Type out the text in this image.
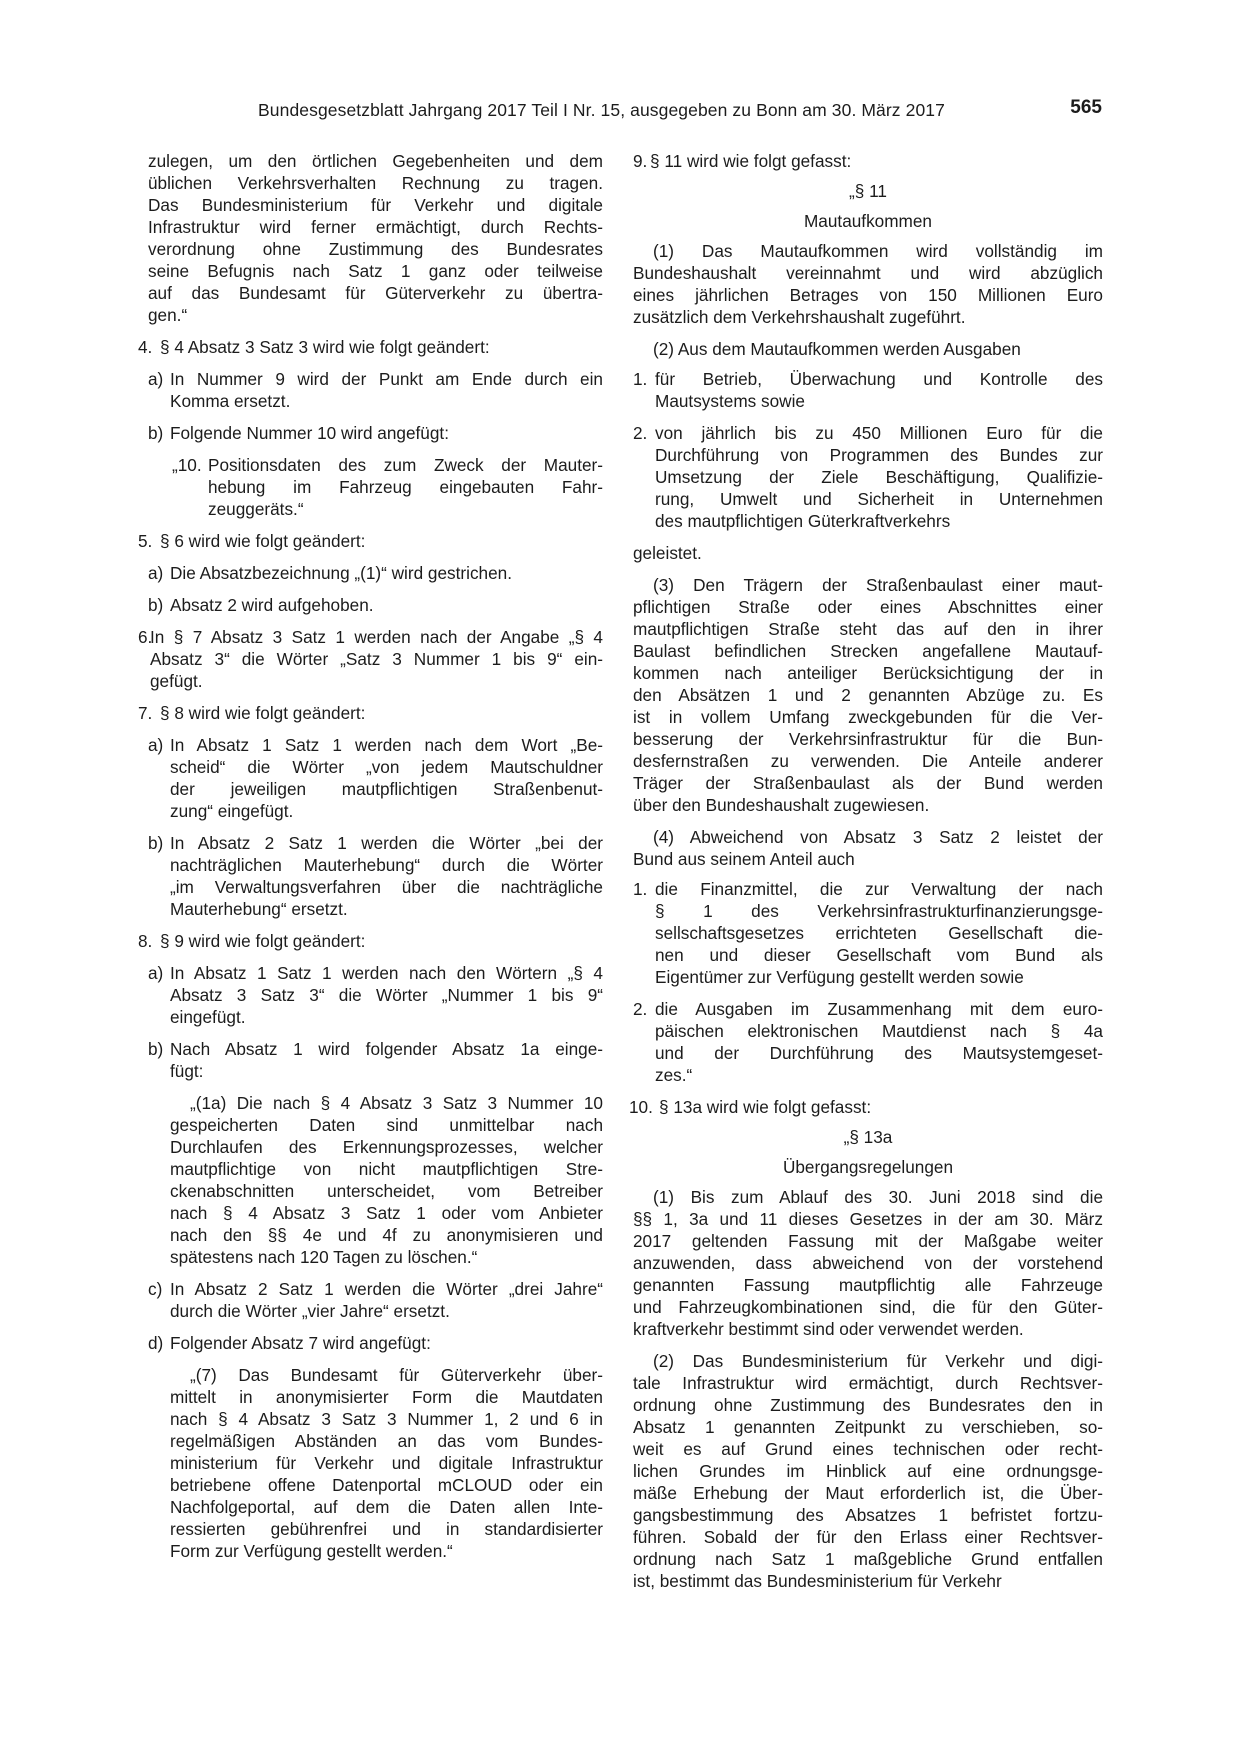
Bundesgesetzblatt Jahrgang 2017 Teil I Nr. 15, ausgegeben zu Bonn am 30. März 2017	565
zulegen, um den örtlichen Gegebenheiten und dem
üblichen Verkehrsverhalten Rechnung zu tragen.
Das Bundesministerium für Verkehr und digitale
Infrastruktur wird ferner ermächtigt, durch Rechts-
verordnung ohne Zustimmung des Bundesrates
seine Befugnis nach Satz 1 ganz oder teilweise
auf das Bundesamt für Güterverkehr zu übertra-
gen.“
4. § 4 Absatz 3 Satz 3 wird wie folgt geändert:
a) In Nummer 9 wird der Punkt am Ende durch ein
Komma ersetzt.
b) Folgende Nummer 10 wird angefügt:
„10. Positionsdaten des zum Zweck der Mauter-
hebung im Fahrzeug eingebauten Fahr-
zeuggeräts.“
5. § 6 wird wie folgt geändert:
a) Die Absatzbezeichnung „(1)“ wird gestrichen.
b) Absatz 2 wird aufgehoben.
6.
In § 7 Absatz 3 Satz 1 werden nach der Angabe „§ 4
Absatz 3“ die Wörter „Satz 3 Nummer 1 bis 9“ ein-
gefügt.
7. § 8 wird wie folgt geändert:
a) In Absatz 1 Satz 1 werden nach dem Wort „Be-
scheid“ die Wörter „von jedem Mautschuldner
der jeweiligen mautpflichtigen Straßenbenut-
zung“ eingefügt.
b) In Absatz 2 Satz 1 werden die Wörter „bei der
nachträglichen Mauterhebung“ durch die Wörter
„im Verwaltungsverfahren über die nachträgliche
Mauterhebung“ ersetzt.
8. § 9 wird wie folgt geändert:
a) In Absatz 1 Satz 1 werden nach den Wörtern „§ 4
Absatz 3 Satz 3“ die Wörter „Nummer 1 bis 9“
eingefügt.
b) Nach Absatz 1 wird folgender Absatz 1a einge-
fügt:
„(1a) Die nach § 4 Absatz 3 Satz 3 Nummer 10
gespeicherten Daten sind unmittelbar nach
Durchlaufen des Erkennungsprozesses, welcher
mautpflichtige von nicht mautpflichtigen Stre-
ckenabschnitten unterscheidet, vom Betreiber
nach § 4 Absatz 3 Satz 1 oder vom Anbieter
nach den §§ 4e und 4f zu anonymisieren und
spätestens nach 120 Tagen zu löschen.“
c) In Absatz 2 Satz 1 werden die Wörter „drei Jahre“
durch die Wörter „vier Jahre“ ersetzt.
d) Folgender Absatz 7 wird angefügt:
„(7) Das Bundesamt für Güterverkehr über-
mittelt in anonymisierter Form die Mautdaten
nach § 4 Absatz 3 Satz 3 Nummer 1, 2 und 6 in
regelmäßigen Abständen an das vom Bundes-
ministerium für Verkehr und digitale Infrastruktur
betriebene offene Datenportal mCLOUD oder ein
Nachfolgeportal, auf dem die Daten allen Inte-
ressierten gebührenfrei und in standardisierter
Form zur Verfügung gestellt werden.“
9. § 11 wird wie folgt gefasst:
„§ 11
Mautaufkommen
(1) Das Mautaufkommen wird vollständig im
Bundeshaushalt vereinnahmt und wird abzüglich
eines jährlichen Betrages von 150 Millionen Euro
zusätzlich dem Verkehrshaushalt zugeführt.
(2) Aus dem Mautaufkommen werden Ausgaben
1. für Betrieb, Überwachung und Kontrolle des
Mautsystems sowie
2. von jährlich bis zu 450 Millionen Euro für die
Durchführung von Programmen des Bundes zur
Umsetzung der Ziele Beschäftigung, Qualifizie-
rung, Umwelt und Sicherheit in Unternehmen
des mautpflichtigen Güterkraftverkehrs
geleistet.
(3) Den Trägern der Straßenbaulast einer maut-
pflichtigen Straße oder eines Abschnittes einer
mautpflichtigen Straße steht das auf den in ihrer
Baulast befindlichen Strecken angefallene Mautauf-
kommen nach anteiliger Berücksichtigung der in
den Absätzen 1 und 2 genannten Abzüge zu. Es
ist in vollem Umfang zweckgebunden für die Ver-
besserung der Verkehrsinfrastruktur für die Bun-
desfernstraßen zu verwenden. Die Anteile anderer
Träger der Straßenbaulast als der Bund werden
über den Bundeshaushalt zugewiesen.
(4) Abweichend von Absatz 3 Satz 2 leistet der
Bund aus seinem Anteil auch
1. die Finanzmittel, die zur Verwaltung der nach
§ 1 des Verkehrsinfrastrukturfinanzierungsge-
sellschaftsgesetzes errichteten Gesellschaft die-
nen und dieser Gesellschaft vom Bund als
Eigentümer zur Verfügung gestellt werden sowie
2. die Ausgaben im Zusammenhang mit dem euro-
päischen elektronischen Mautdienst nach § 4a
und der Durchführung des Mautsystemgeset-
zes.“
10. § 13a wird wie folgt gefasst:
„§ 13a
Übergangsregelungen
(1) Bis zum Ablauf des 30. Juni 2018 sind die
§§ 1, 3a und 11 dieses Gesetzes in der am 30. März
2017 geltenden Fassung mit der Maßgabe weiter
anzuwenden, dass abweichend von der vorstehend
genannten Fassung mautpflichtig alle Fahrzeuge
und Fahrzeugkombinationen sind, die für den Güter-
kraftverkehr bestimmt sind oder verwendet werden.
(2) Das Bundesministerium für Verkehr und digi-
tale Infrastruktur wird ermächtigt, durch Rechtsver-
ordnung ohne Zustimmung des Bundesrates den in
Absatz 1 genannten Zeitpunkt zu verschieben, so-
weit es auf Grund eines technischen oder recht-
lichen Grundes im Hinblick auf eine ordnungsge-
mäße Erhebung der Maut erforderlich ist, die Über-
gangsbestimmung des Absatzes 1 befristet fortzu-
führen. Sobald der für den Erlass einer Rechtsver-
ordnung nach Satz 1 maßgebliche Grund entfallen
ist, bestimmt das Bundesministerium für Verkehr
